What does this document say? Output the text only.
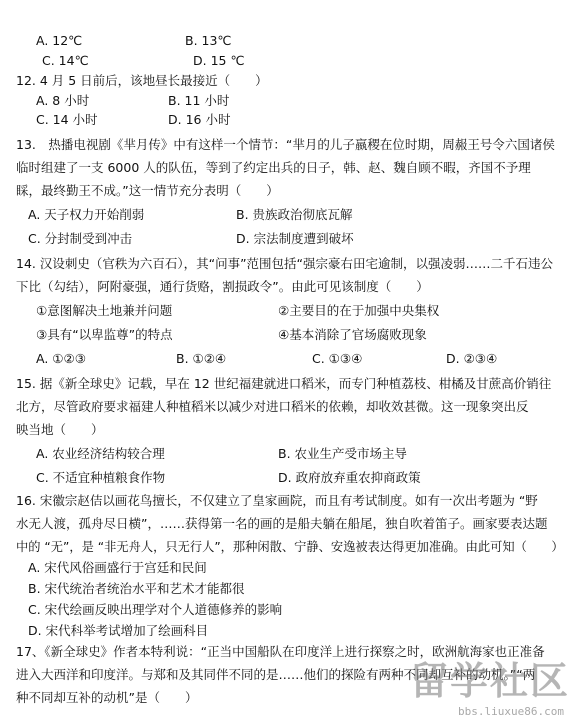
A. 12℃	B. 13℃
C. 14℃	D. 15 ℃
12. 4 月 5 日前后，该地昼长最接近（　　）
A. 8 小时	B. 11 小时
C. 14 小时	D. 16 小时
13.　热播电视剧《芈月传》中有这样一个情节：“芈月的儿子嬴稷在位时期，周赧王号令六国诸侯
临时组建了一支 6000 人的队伍，等到了约定出兵的日子，韩、赵、魏自顾不暇，齐国不予理
睬，最终勤王不成。”这一情节充分表明（　　）
A. 天子权力开始削弱	B. 贵族政治彻底瓦解
C. 分封制受到冲击	D. 宗法制度遭到破坏
14. 汉设刺史（官秩为六百石），其“问事”范围包括“强宗豪右田宅逾制，以强凌弱……二千石违公
下比（勾结），阿附豪强，通行货赂，割损政令”。由此可见该制度（　　）
①意图解决土地兼并问题	②主要目的在于加强中央集权
③具有“以卑监尊”的特点	④基本消除了官场腐败现象
A. ①②③	B. ①②④	C. ①③④	D. ②③④
15. 据《新全球史》记载，早在 12 世纪福建就进口稻米，而专门种植荔枝、柑橘及甘蔗高价销往
北方，尽管政府要求福建人种植稻米以减少对进口稻米的依赖，却收效甚微。这一现象突出反
映当地（　　）
A. 农业经济结构较合理	B. 农业生产受市场主导
C. 不适宜种植粮食作物	D. 政府放弃重农抑商政策
16. 宋徽宗赵佶以画花鸟擅长，不仅建立了皇家画院，而且有考试制度。如有一次出考题为 “野
水无人渡，孤舟尽日横”，……获得第一名的画的是船夫躺在船尾，独自吹着笛子。画家要表达题
中的 “无”，是 “非无舟人，只无行人”，那种闲散、宁静、安逸被表达得更加准确。由此可知（　　）
A. 宋代风俗画盛行于宫廷和民间
B. 宋代统治者统治水平和艺术才能都很
C. 宋代绘画反映出理学对个人道德修养的影响
D. 宋代科举考试增加了绘画科目
17、《新全球史》作者本特利说：“正当中国船队在印度洋上进行探察之时，欧洲航海家也正准备
进入大西洋和印度洋。与郑和及其同伴不同的是……他们的探险有两种不同却互补的动机。”“两
种不同却互补的动机”是（　　）	留学社区
bbs.liuxue86.com
